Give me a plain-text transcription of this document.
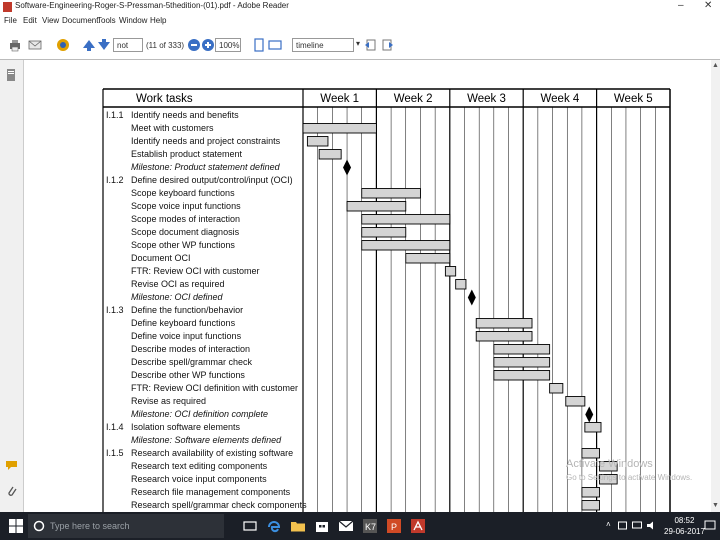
Software-Engineering-Roger-S-Pressman-5thedition-(01).pdf - Adobe Reader	– ✕
File Edit View Document
Tools Window Help
not	(11 of 333)	100%	timeline	▾
Work tasks	Week 1	Week 2	Week 3	Week 4	Week 5
I.1.1 Identify needs and benefits
Meet with customers
Identify needs and project constraints
Establish product statement
Milestone: Product statement defined
I.1.2 Define desired output/control/input (OCI)
Scope keyboard functions
Scope voice input functions
Scope modes of interaction
Scope document diagnosis
Scope other WP functions
Document OCI
FTR: Review OCI with customer
Revise OCI as required
Milestone: OCI defined
I.1.3 Define the function/behavior
Define keyboard functions
Define voice input functions
Describe modes of interaction
Describe spell/grammar check
Describe other WP functions
FTR: Review OCI definition with customer
Revise as required
Milestone: OCI definition complete
I.1.4 Isolation software elements
Milestone: Software elements defined
I.1.5 Research availability of existing software
Research text editing components
Research voice input components
Research file management components
Research spell/grammar check components
▲
▼
Activate Windows
Go to Settings to activate Windows.
Type here to search	K7 P	˄	08:52
29-06-2017
